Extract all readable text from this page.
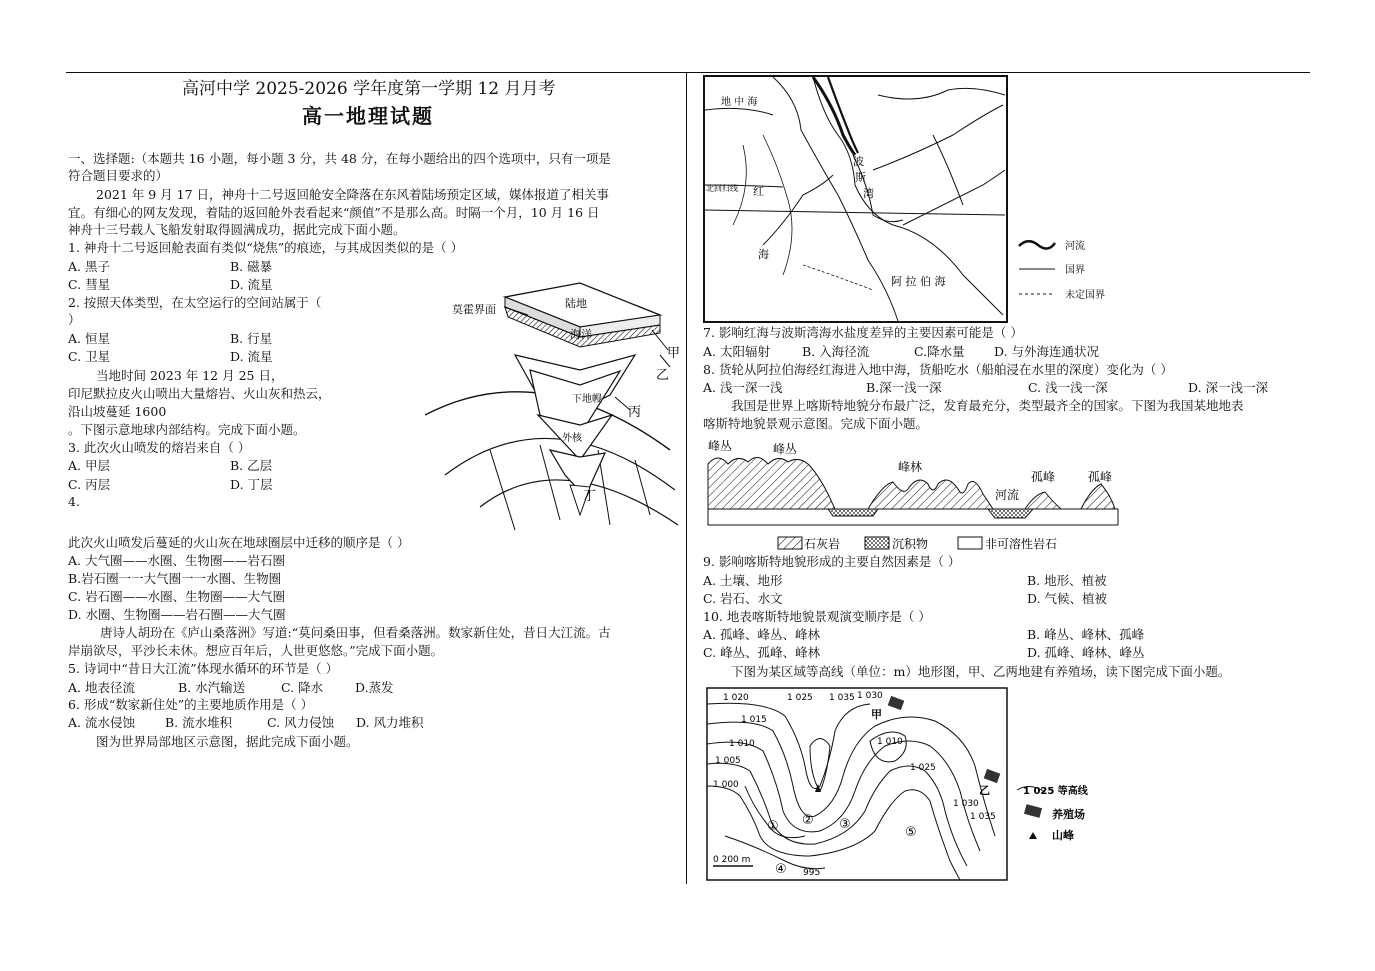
高河中学 2025-2026 学年度第一学期 12 月月考
高一地理试题
一、选择题:（本题共 16 小题，每小题 3 分，共 48 分，在每小题给出的四个选项中，只有一项是
符合题目要求的）
2021 年 9 月 17 日，神舟十二号返回舱安全降落在东风着陆场预定区域，媒体报道了相关事
宜。有细心的网友发现，着陆的返回舱外表看起来“颜值”不是那么高。时隔一个月，10 月 16 日
神舟十三号载人飞船发射取得圆满成功，据此完成下面小题。
1. 神舟十二号返回舱表面有类似“烧焦”的痕迹，与其成因类似的是（ ）
A. 黑子	B. 磁暴
C. 彗星	D. 流星
2. 按照天体类型，在太空运行的空间站属于（
）
A. 恒星	B. 行星
C. 卫星	D. 流星
当地时间 2023 年 12 月 25 日，
印尼默拉皮火山喷出大量熔岩、火山灰和热云，
沿山坡蔓延 1600
。下图示意地球内部结构。完成下面小题。
3. 此次火山喷发的熔岩来自（ ）
A. 甲层	B. 乙层
C. 丙层	D. 丁层
4.
此次火山喷发后蔓延的火山灰在地球圈层中迁移的顺序是（ ）
A. 大气圈——水圈、生物圈——岩石圈
B.岩石圈一一大气圈一一水圈、生物圈
C. 岩石圈——水圈、生物圈——大气圈
D. 水圈、生物圈——岩石圈——大气圈
唐诗人胡玢在《庐山桑落洲》写道:“莫问桑田事，但看桑落洲。数家新住处，昔日大江流。古
岸崩欲尽，平沙长未休。想应百年后，人世更悠悠。”完成下面小题。
5. 诗词中“昔日大江流”体现水循环的环节是（ ）
A. 地表径流	B. 水汽输送	C. 降水	D.蒸发
6. 形成“数家新住处”的主要地质作用是（ ）
A. 流水侵蚀 B. 流水堆积	C. 风力侵蚀 D. 风力堆积
图为世界局部地区示意图，据此完成下面小题。
莫霍界面	陆地
海洋
下地幔
外核
甲
乙
丙
丁
地 中 海
红
海
波
斯
湾
北回归线
阿 拉 伯 海
河流
国界
未定国界
7. 影响红海与波斯湾海水盐度差异的主要因素可能是（ ）
A. 太阳辐射	B. 入海径流	C.降水量 D. 与外海连通状况
8. 货轮从阿拉伯海经红海进入地中海，货船吃水（船舶浸在水里的深度）变化为（ ）
A. 浅一深一浅	B.深一浅一深	C. 浅一浅一深	D. 深一浅一深
我国是世界上喀斯特地貌分布最广泛，发育最充分，类型最齐全的国家。下图为我国某地地表
喀斯特地貌景观示意图。完成下面小题。
峰丛	峰丛
峰林
河流
孤峰	孤峰
石灰岩	沉积物	非可溶性岩石
9. 影响喀斯特地貌形成的主要自然因素是（ ）
A. 土壤、地形	B. 地形、植被
C. 岩石、水文	D. 气候、植被
10. 地表喀斯特地貌景观演变顺序是（ ）
A. 孤峰、峰丛、峰林	B. 峰丛、峰林、孤峰
C. 峰丛、孤峰、峰林	D. 孤峰、峰林、峰丛
下图为某区域等高线（单位：m）地形图，甲、乙两地建有养殖场，读下图完成下面小题。
1 020	1 025 1 035 1 030
1 015
1 010	1 010
1 005
1 000
1 025
1 030
1 035
995
甲
乙
① ② ③
④
⑤
0 200 m
1 025 等高线
养殖场
山峰
